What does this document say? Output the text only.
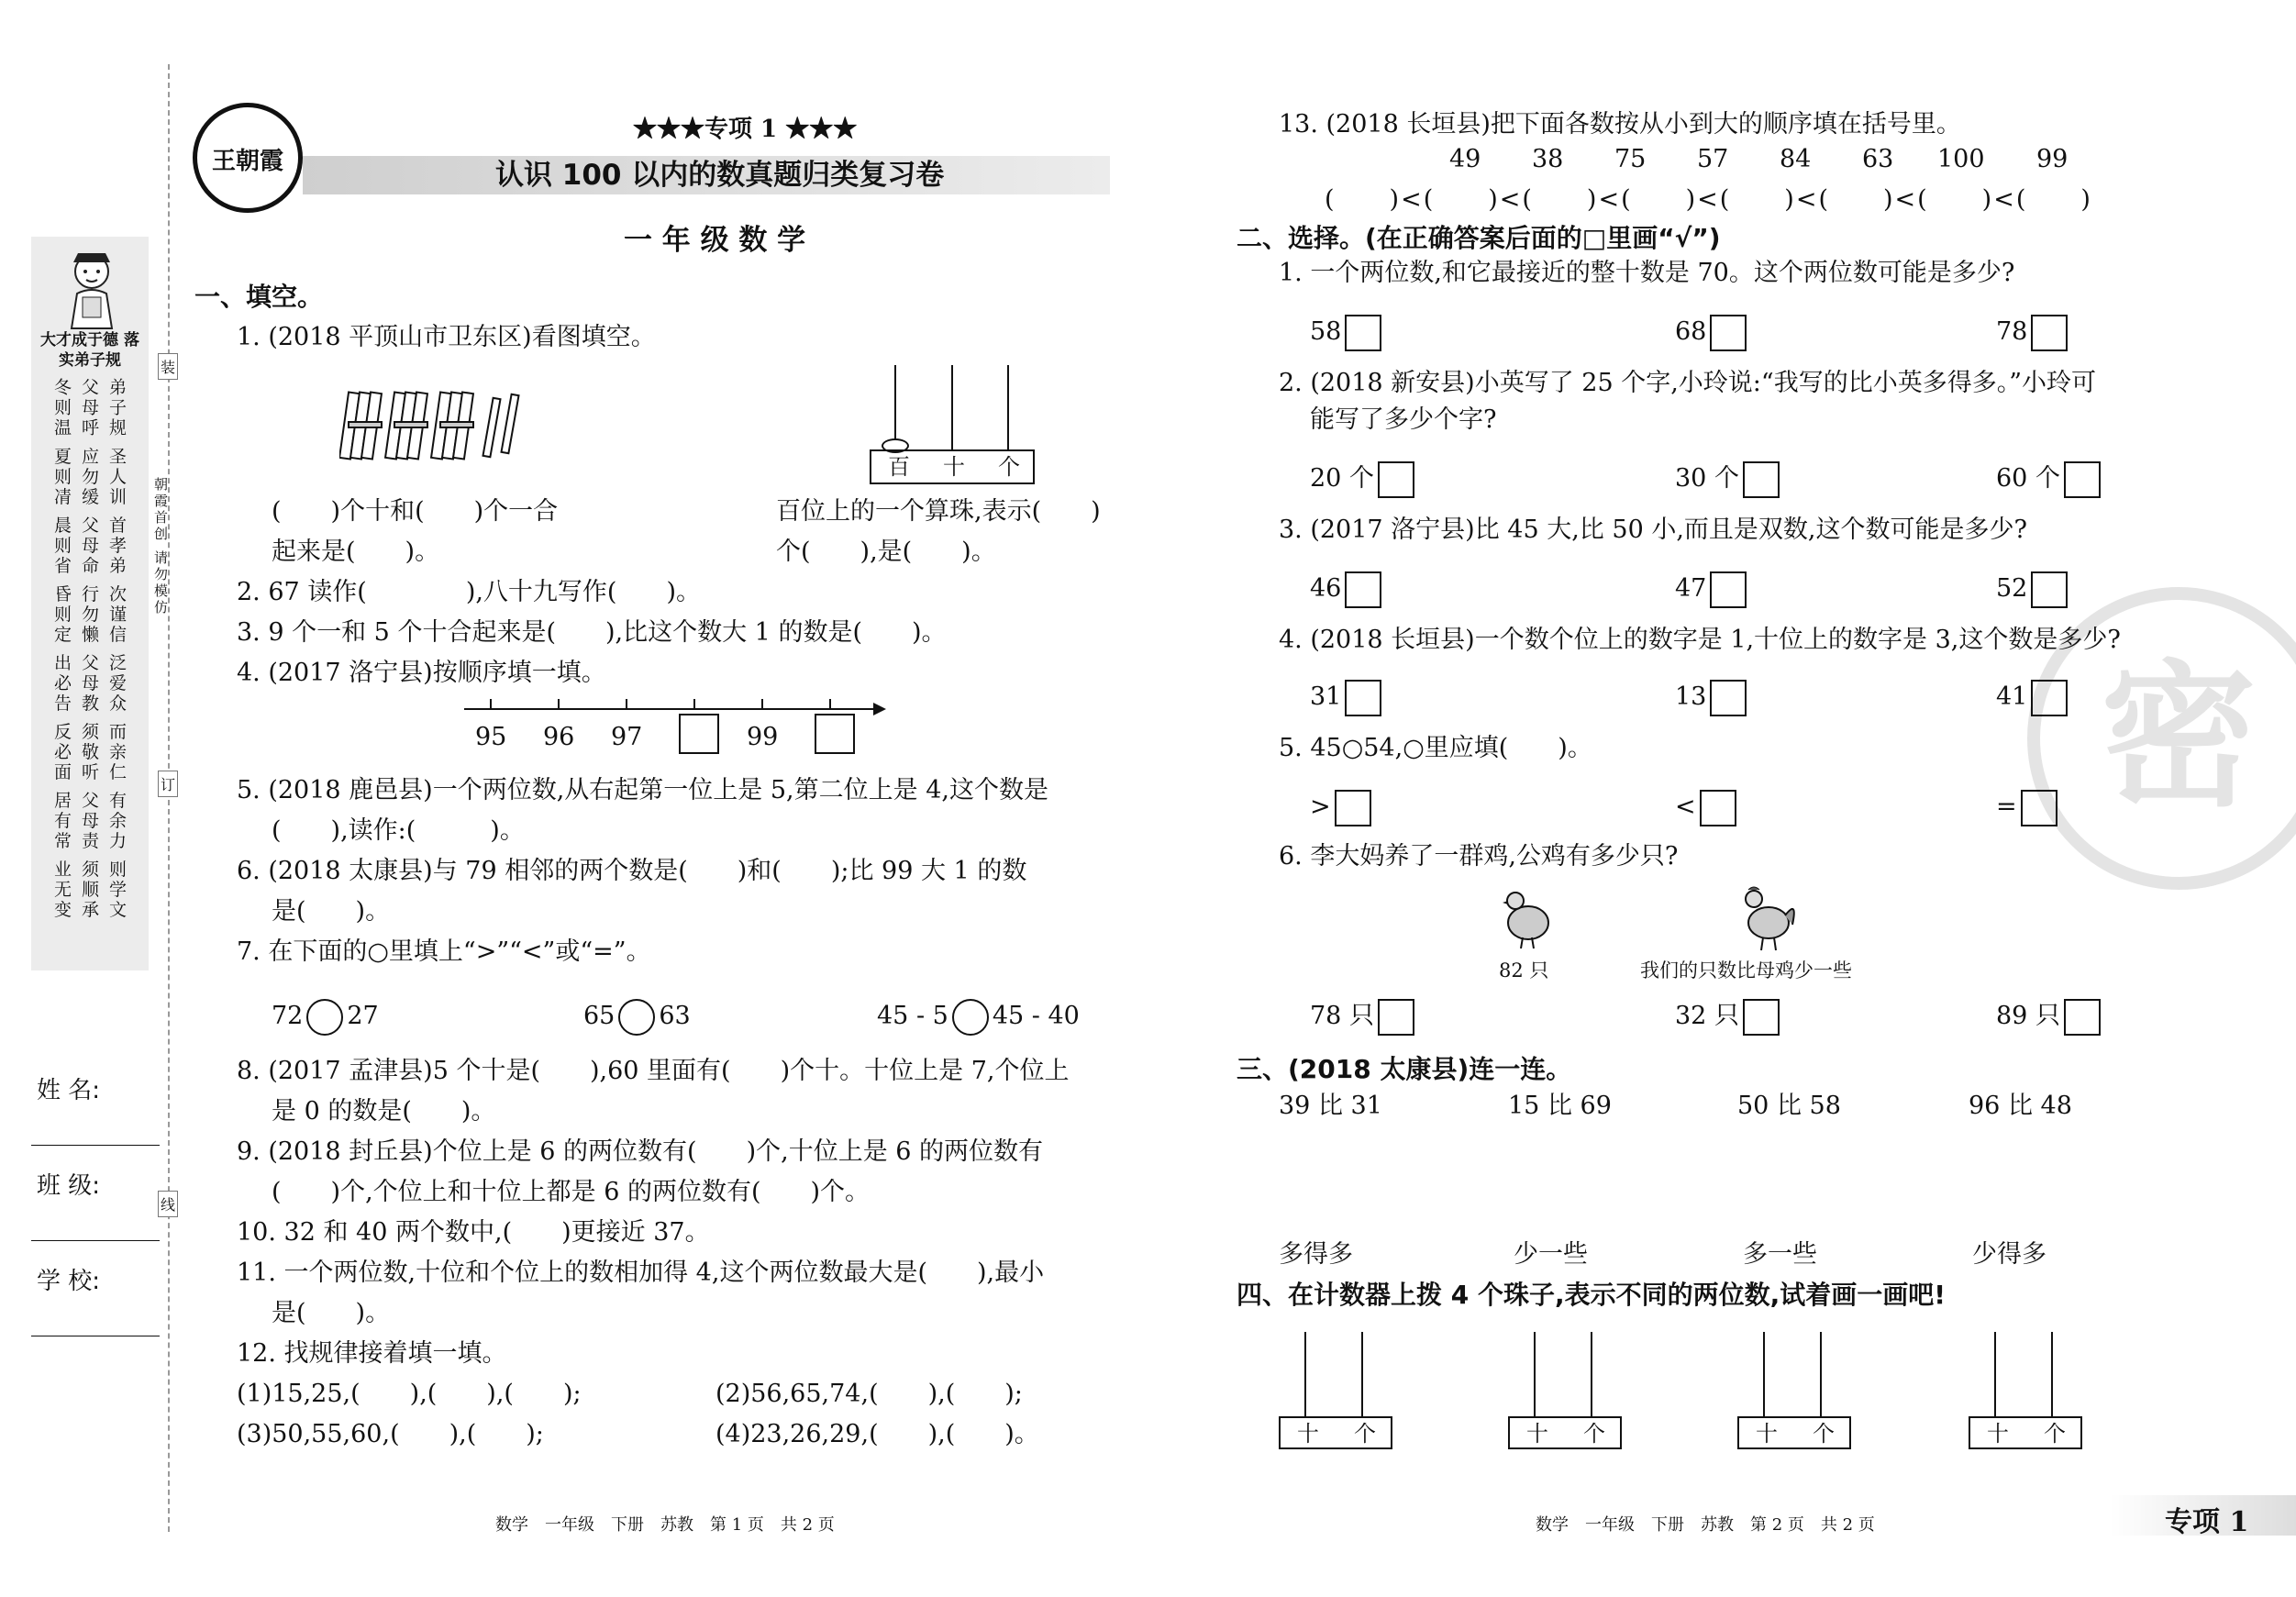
大才成于德 落实弟子规
弟子规 圣人训 首孝弟 次谨信 泛爱众 而亲仁 有余力 则学文
父母呼 应勿缓 父母命 行勿懒 父母教 须敬听 父母责 须顺承
冬则温 夏则凊 晨则省 昏则定 出必告 反必面 居有常 业无变	朝霞首创 请勿模仿
装
订
线
姓 名:
班 级:
学 校:
王朝霞
★★★专项 1 ★★★
认识 100 以内的数真题归类复习卷
一 年 级 数 学
一、填空。
1. (2018 平顶山市卫东区)看图填空。
百 十 个
(　　)个十和(　　)个一合
起来是(　　)。
百位上的一个算珠,表示(　　)
个(　　),是(　　)。
2. 67 读作(　　　　),八十九写作(　　)。
3. 9 个一和 5 个十合起来是(　　),比这个数大 1 的数是(　　)。
4. (2017 洛宁县)按顺序填一填。
95 96 97	99
5. (2018 鹿邑县)一个两位数,从右起第一位上是 5,第二位上是 4,这个数是
(　　),读作:(　　　)。
6. (2018 太康县)与 79 相邻的两个数是(　　)和(　　);比 99 大 1 的数
是(　　)。
7. 在下面的○里填上“>”“<”或“=”。
72 27	65 63	45 - 5 45 - 40
8. (2017 孟津县)5 个十是(　　),60 里面有(　　)个十。十位上是 7,个位上
是 0 的数是(　　)。
9. (2018 封丘县)个位上是 6 的两位数有(　　)个,十位上是 6 的两位数有
(　　)个,个位上和十位上都是 6 的两位数有(　　)个。
10. 32 和 40 两个数中,(　　)更接近 37。
11. 一个两位数,十位和个位上的数相加得 4,这个两位数最大是(　　),最小
是(　　)。
12. 找规律接着填一填。
(1)15,25,(　　),(　　),(　　);	(2)56,65,74,(　　),(　　);
(3)50,55,60,(　　),(　　);	(4)23,26,29,(　　),(　　)。
数学　一年级　下册　苏教　第 1 页　共 2 页
密
13. (2018 长垣县)把下面各数按从小到大的顺序填在括号里。
49 38 75 57 84 63 100 99
(　　)<(　　)<(　　)<(　　)<(　　)<(　　)<(　　)<(　　)
二、选择。(在正确答案后面的□里画“√”)
1. 一个两位数,和它最接近的整十数是 70。这个两位数可能是多少?
58	68	78
2. (2018 新安县)小英写了 25 个字,小玲说:“我写的比小英多得多。”小玲可
能写了多少个字?
20 个	30 个	60 个
3. (2017 洛宁县)比 45 大,比 50 小,而且是双数,这个数可能是多少?
46	47	52
4. (2018 长垣县)一个数个位上的数字是 1,十位上的数字是 3,这个数是多少?
31	13	41
5. 45○54,○里应填(　　)。
>	<	=
6. 李大妈养了一群鸡,公鸡有多少只?
82 只	我们的只数比母鸡少一些
78 只	32 只	89 只
三、(2018 太康县)连一连。
39 比 31	15 比 69	50 比 58	96 比 48
多得多	少一些	多一些	少得多
四、在计数器上拨 4 个珠子,表示不同的两位数,试着画一画吧!
十 个	十 个	十 个	十 个
数学　一年级　下册　苏教　第 2 页　共 2 页	专项 1
